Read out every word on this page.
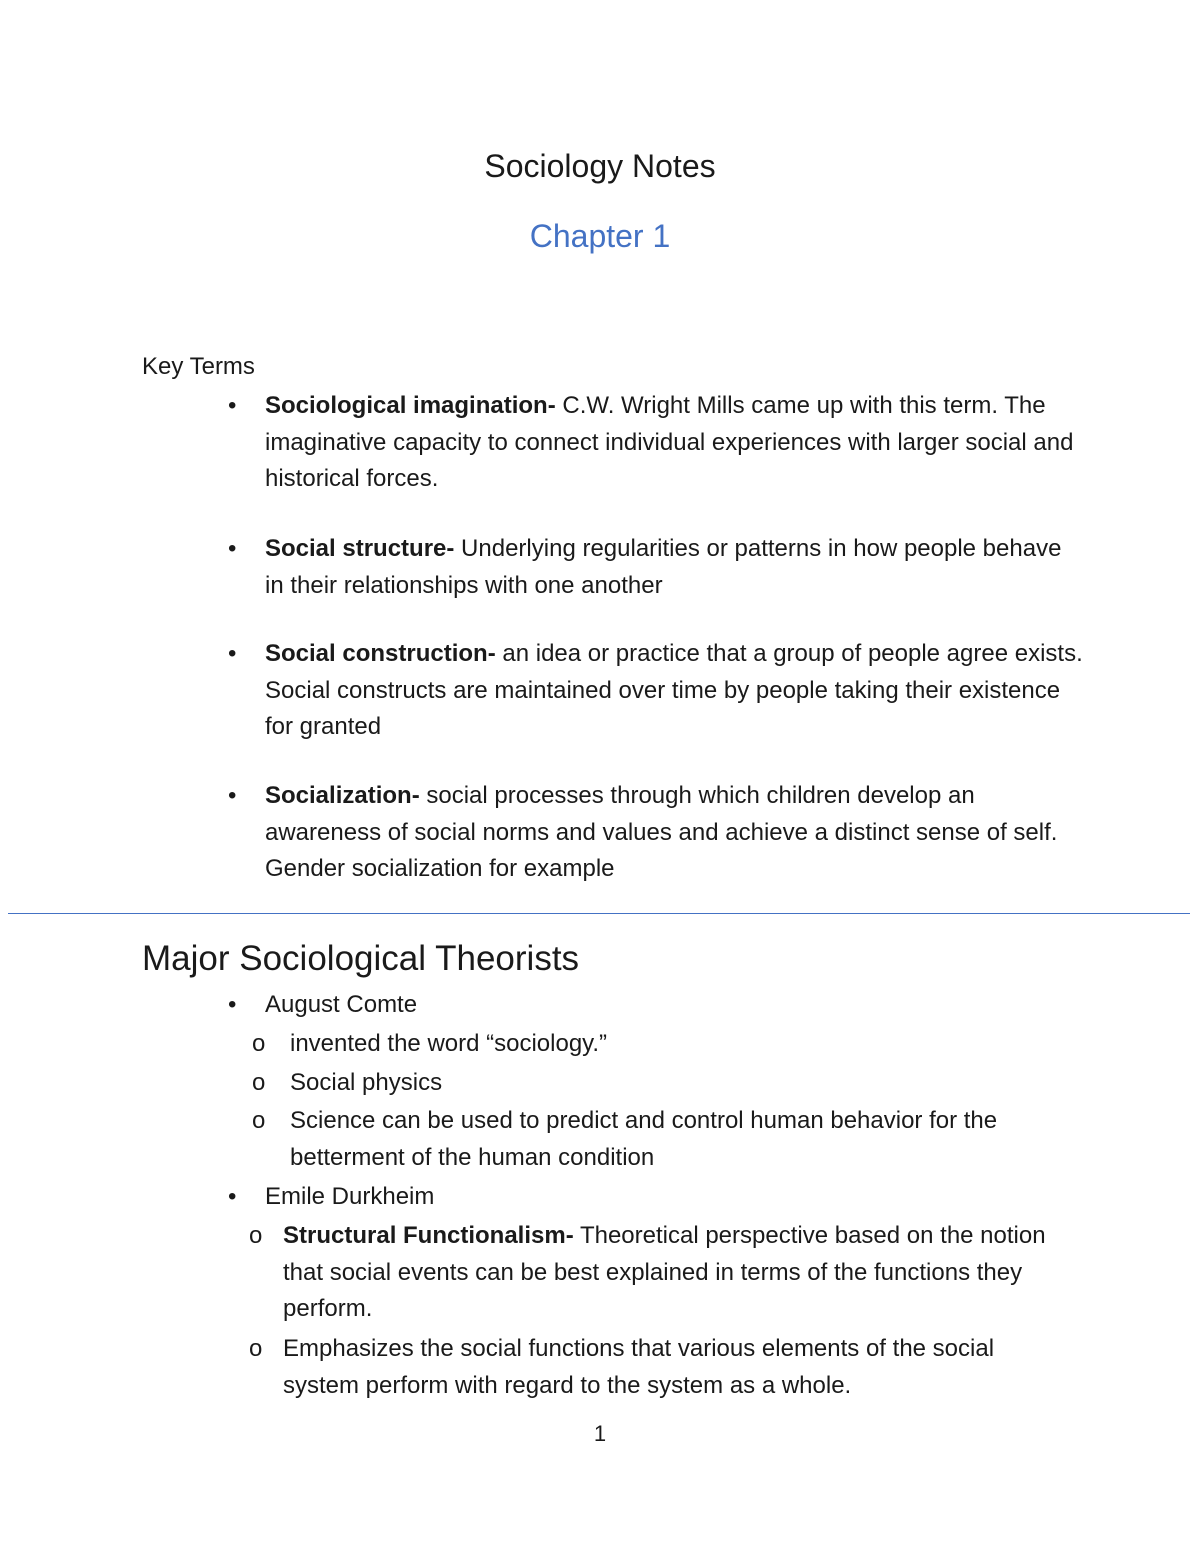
Sociology Notes
Chapter 1
Key Terms
• Sociological imagination- C.W. Wright Mills came up with this term. The imaginative capacity to connect individual experiences with larger social and historical forces.
• Social structure- Underlying regularities or patterns in how people behave in their relationships with one another
• Social construction- an idea or practice that a group of people agree exists. Social constructs are maintained over time by people taking their existence for granted
• Socialization- social processes through which children develop an awareness of social norms and values and achieve a distinct sense of self. Gender socialization for example
Major Sociological Theorists
• August Comte
o invented the word “sociology.”
o Social physics
o Science can be used to predict and control human behavior for the betterment of the human condition
• Emile Durkheim
o Structural Functionalism- Theoretical perspective based on the notion that social events can be best explained in terms of the functions they perform.
o Emphasizes the social functions that various elements of the social system perform with regard to the system as a whole.
1
